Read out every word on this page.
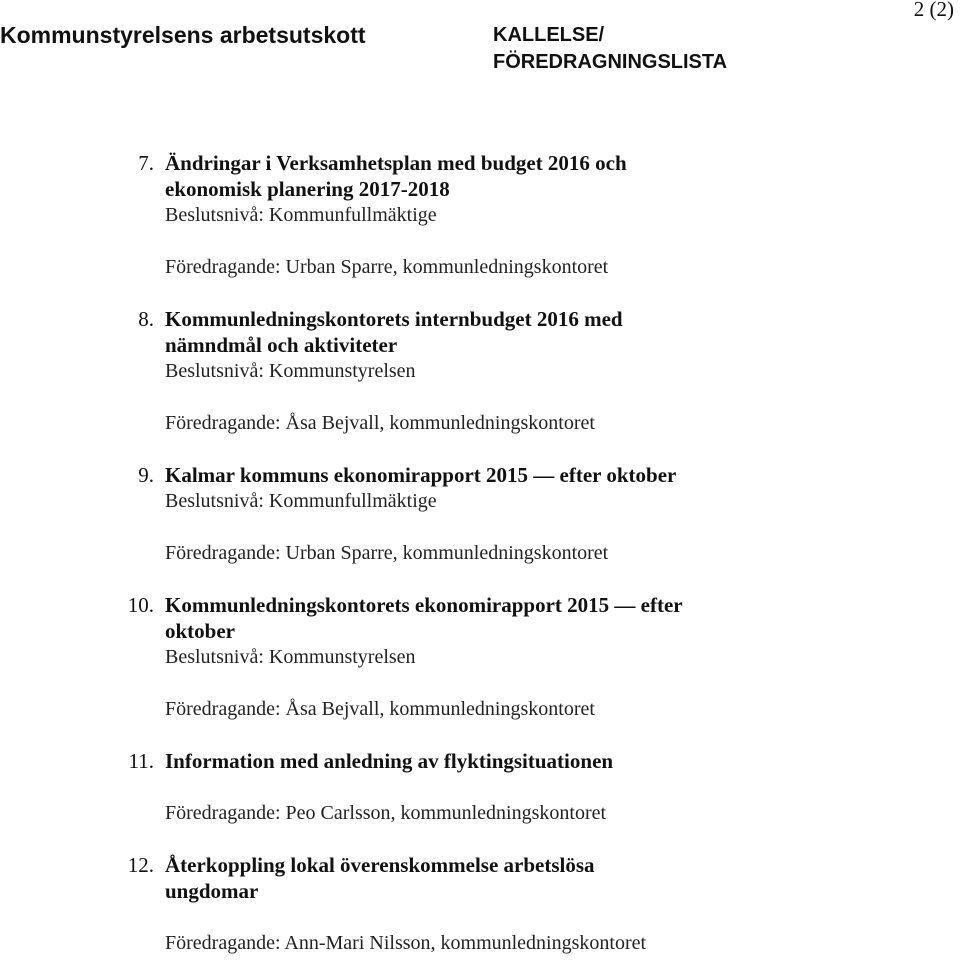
Kommunstyrelsens arbetsutskott	KALLELSE/
FÖREDRAGNINGSLISTA
2 (2)
7. Ändringar i Verksamhetsplan med budget 2016 och
ekonomisk planering 2017-2018
Beslutsnivå: Kommunfullmäktige
Föredragande: Urban Sparre, kommunledningskontoret
8. Kommunledningskontorets internbudget 2016 med
nämndmål och aktiviteter
Beslutsnivå: Kommunstyrelsen
Föredragande: Åsa Bejvall, kommunledningskontoret
9. Kalmar kommuns ekonomirapport 2015 — efter oktober
Beslutsnivå: Kommunfullmäktige
Föredragande: Urban Sparre, kommunledningskontoret
10. Kommunledningskontorets ekonomirapport 2015 — efter
oktober
Beslutsnivå: Kommunstyrelsen
Föredragande: Åsa Bejvall, kommunledningskontoret
11. Information med anledning av flyktingsituationen
Föredragande: Peo Carlsson, kommunledningskontoret
12. Återkoppling lokal överenskommelse arbetslösa
ungdomar
Föredragande: Ann-Mari Nilsson, kommunledningskontoret
